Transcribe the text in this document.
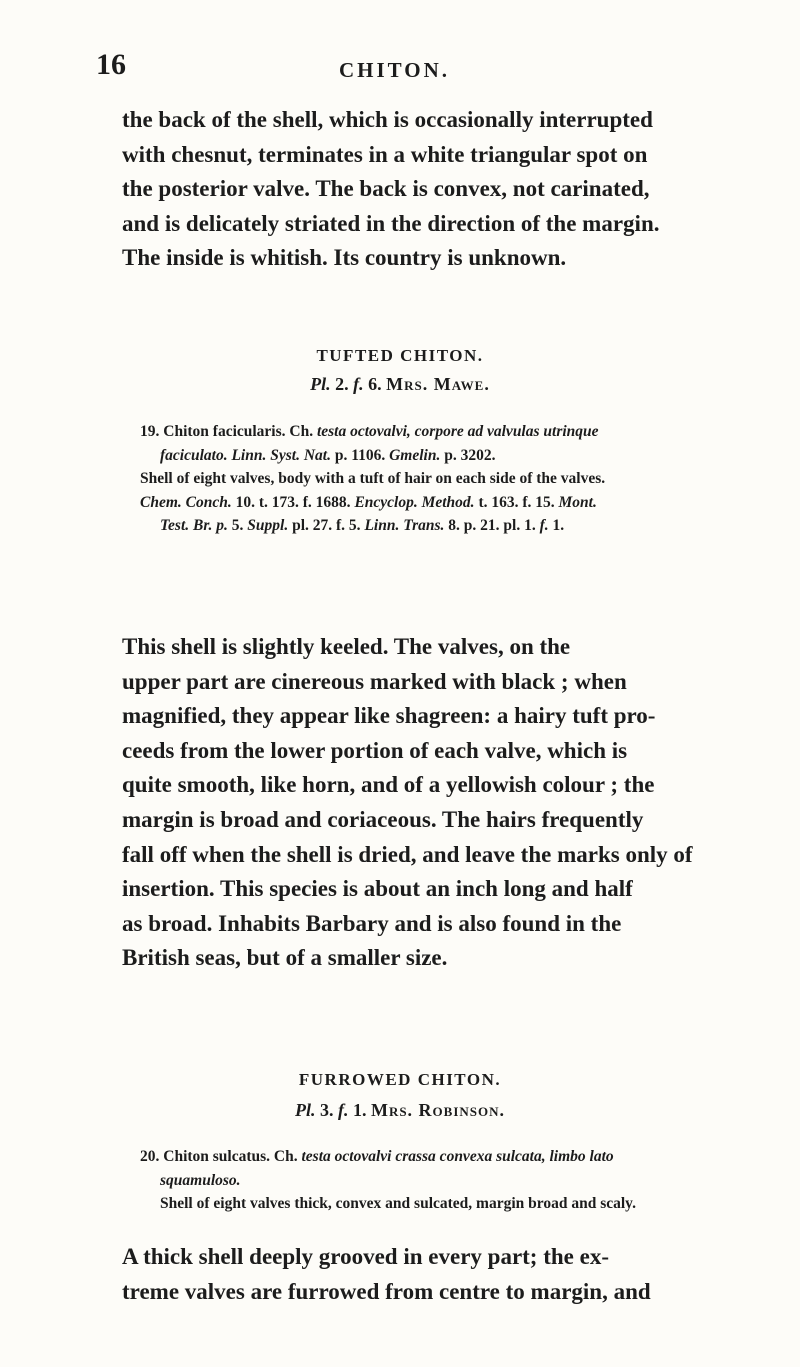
16	CHITON.

the back of the shell, which is occasionally interrupted
with chesnut, terminates in a white triangular spot on
the posterior valve. The back is convex, not carinated,
and is delicately striated in the direction of the margin.
The inside is whitish. Its country is unknown.

TUFTED CHITON.

Pl. 2. f. 6. Mrs. Mawe.

19. Chiton facicularis. Ch. testa octovalvi, corpore ad valvulas utrinque
faciculato. Linn. Syst. Nat. p. 1106. Gmelin. p. 3202.
Shell of eight valves, body with a tuft of hair on each side of the valves.
Chem. Conch. 10. t. 173. f. 1688. Encyclop. Method. t. 163. f. 15. Mont.
Test. Br. p. 5. Suppl. pl. 27. f. 5. Linn. Trans. 8. p. 21. pl. 1. f. 1.

This shell is slightly keeled. The valves, on the
upper part are cinereous marked with black ; when
magnified, they appear like shagreen: a hairy tuft pro-
ceeds from the lower portion of each valve, which is
quite smooth, like horn, and of a yellowish colour ; the
margin is broad and coriaceous. The hairs frequently
fall off when the shell is dried, and leave the marks only of
insertion. This species is about an inch long and half
as broad. Inhabits Barbary and is also found in the
British seas, but of a smaller size.

FURROWED CHITON.

Pl. 3. f. 1. Mrs. Robinson.

20. Chiton sulcatus. Ch. testa octovalvi crassa convexa sulcata, limbo lato
squamuloso.
Shell of eight valves thick, convex and sulcated, margin broad and scaly.

A thick shell deeply grooved in every part; the ex-
treme valves are furrowed from centre to margin, and
